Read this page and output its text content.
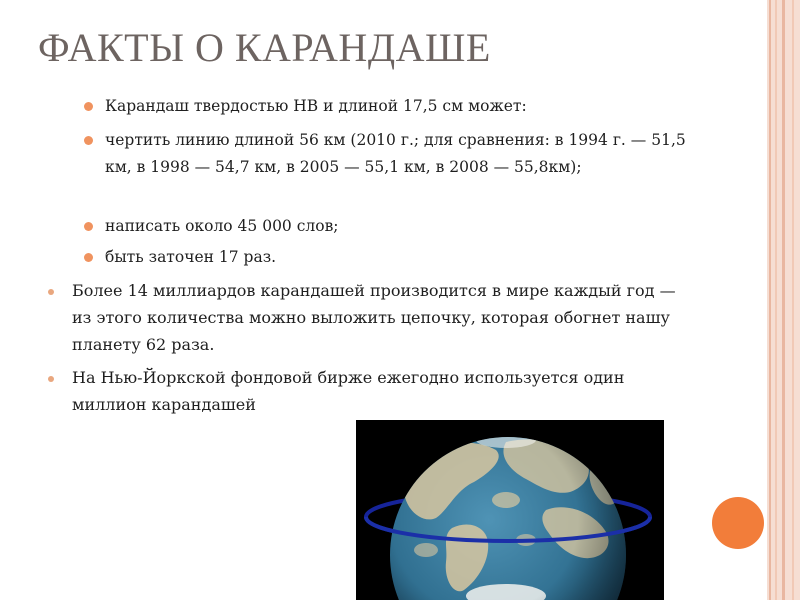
ФАКТЫ О КАРАНДАШЕ
Карандаш твердостью HB и длиной 17,5 см может:
чертить линию длиной 56 км (2010 г.; для сравнения: в 1994 г. — 51,5 км, в 1998 — 54,7 км, в 2005 — 55,1 км, в 2008 — 55,8км);
написать около 45 000 слов;
быть заточен 17 раз.
Более 14 миллиардов карандашей производится в мире каждый год — из этого количества можно выложить цепочку, которая обогнет нашу планету 62 раза.
На Нью-Йоркской фондовой бирже ежегодно используется один миллион карандашей
